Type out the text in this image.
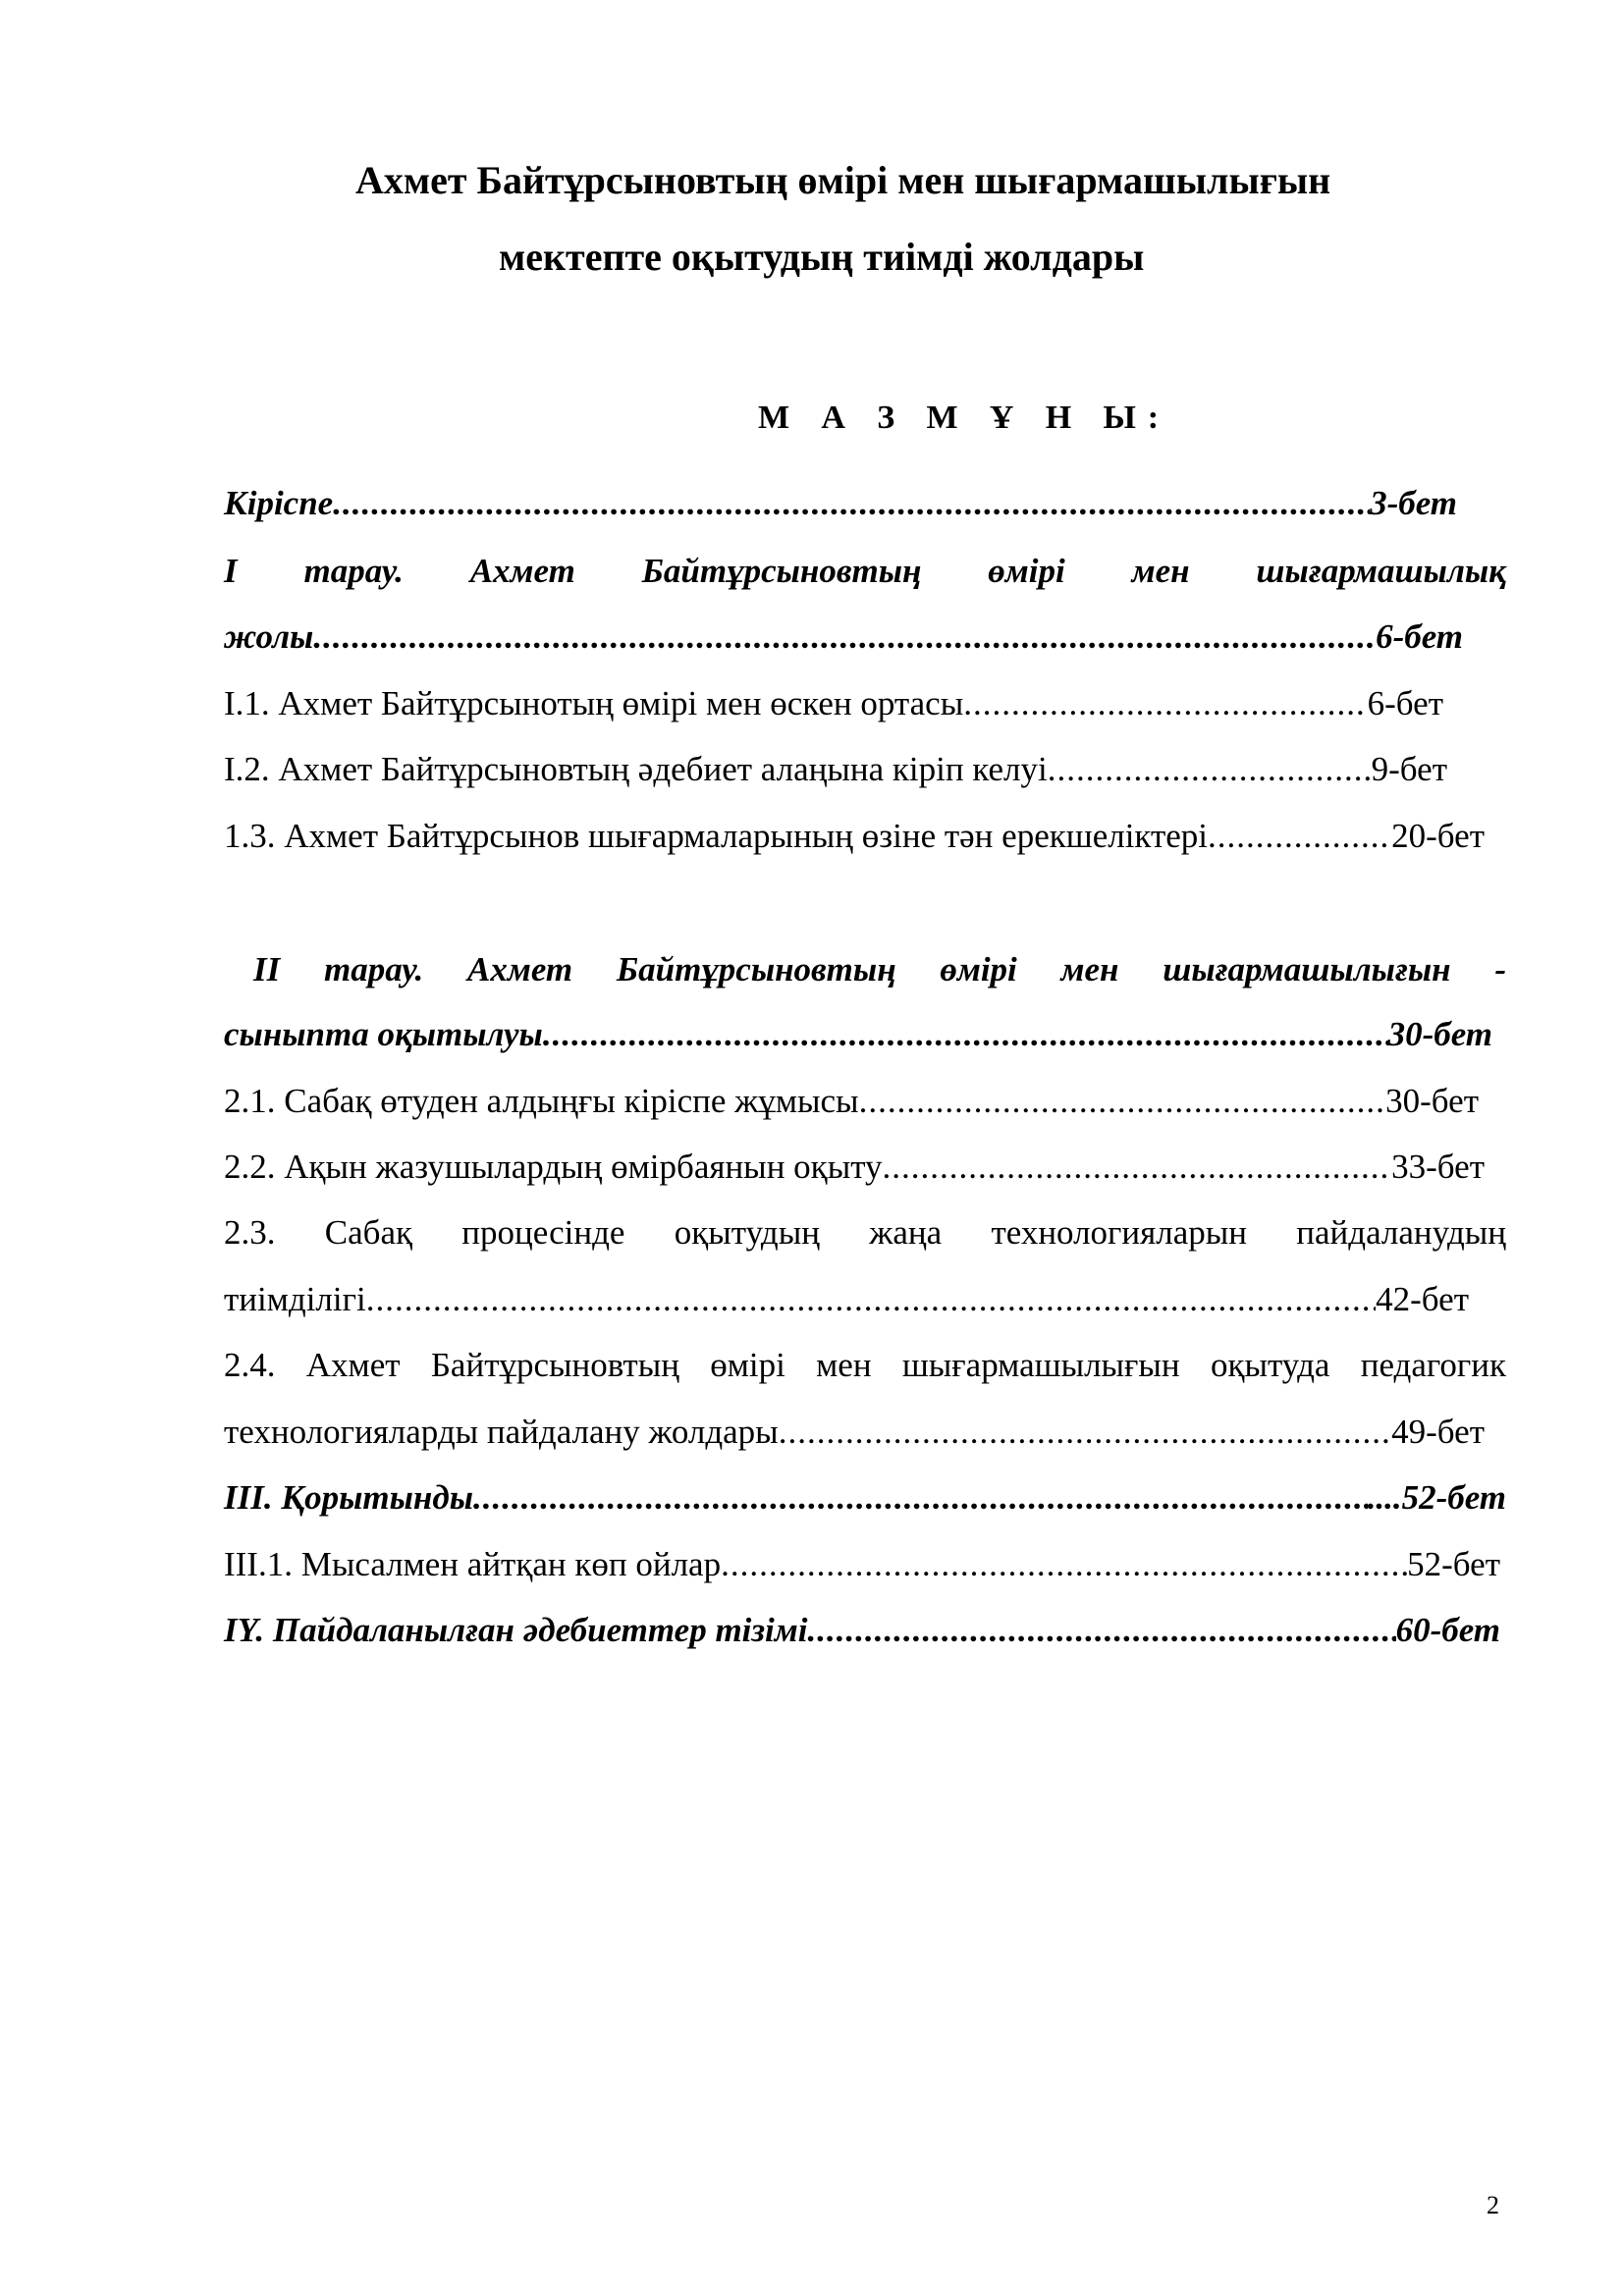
Ахмет Байтұрсыновтың өмірі мен шығармашылығын
мектепте оқытудың тиімді жолдары
М А З М Ұ Н Ы:
Кіріспе .....	3-бет
I тарау. Ахмет Байтұрсыновтың өмірі мен шығармашылық
жолы .....	6-бет
І.1. Ахмет Байтұрсынотың өмірі мен өскен ортасы .....	6-бет
І.2. Ахмет Байтұрсыновтың әдебиет алаңына кіріп келуі .....	9-бет
1.3. Ахмет Байтұрсынов шығармаларының өзіне тән ерекшеліктері .....	20-бет
II тарау. Ахмет Байтұрсыновтың өмірі мен шығармашылығын -
сыныпта оқытылуы .....	30-бет
2.1. Сабақ өтуден алдыңғы кіріспе жұмысы .....	30-бет
2.2. Ақын жазушылардың өмірбаянын оқыту .....	33-бет
2.3. Сабақ процесінде оқытудың жаңа технологияларын пайдаланудың
тиімділігі .....	42-бет
2.4. Ахмет Байтұрсыновтың өмірі мен шығармашылығын оқытуда педагогик
технологияларды пайдалану жолдары .....	49-бет
ІІІ. Қорытынды .....	....52-бет
ІІІ.1. Мысалмен айтқан көп ойлар .....	52-бет
ІY. Пайдаланылған әдебиеттер тізімі .....	60-бет
2
